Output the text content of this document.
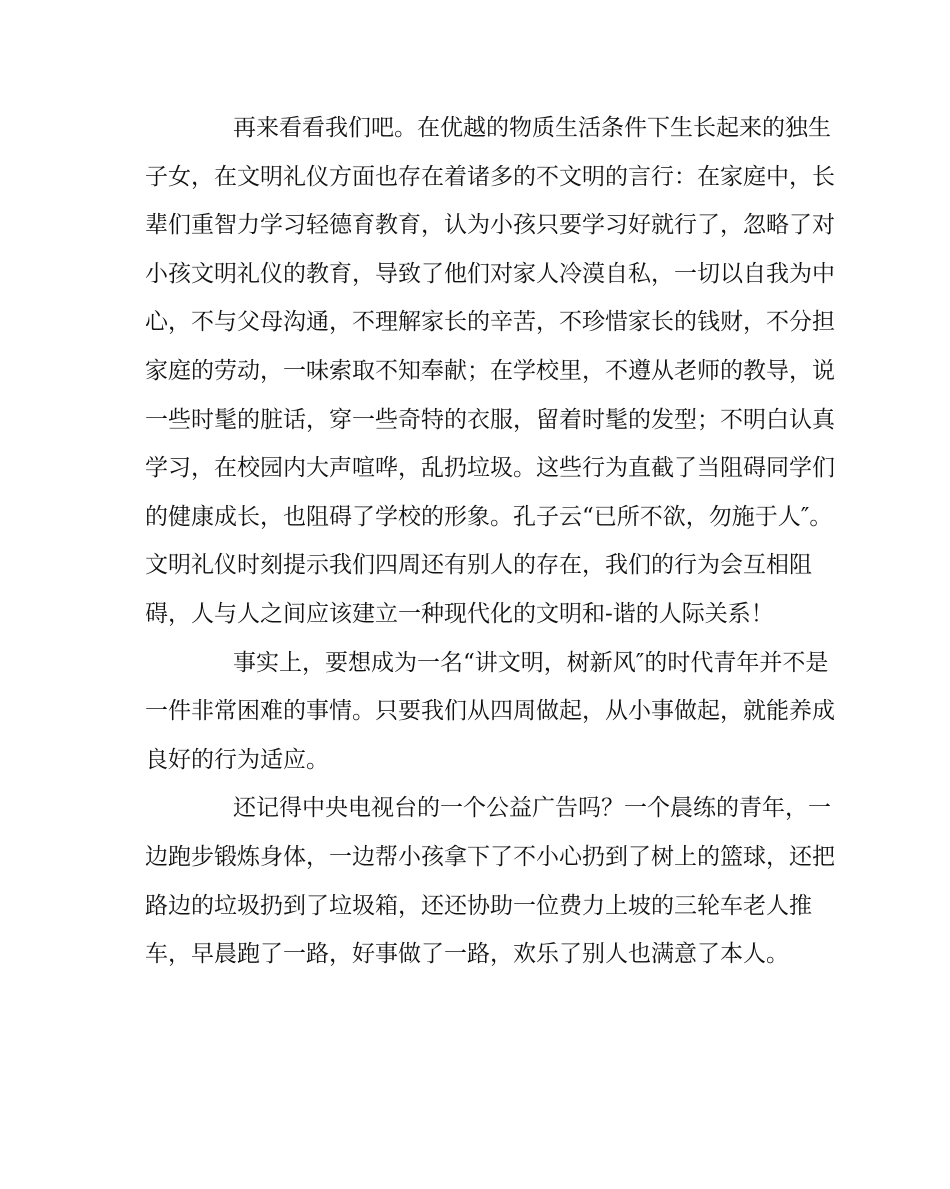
再来看看我们吧。在优越的物质生活条件下生长起来的独生
子女，在文明礼仪方面也存在着诸多的不文明的言行：在家庭中，长
辈们重智力学习轻德育教育，认为小孩只要学习好就行了，忽略了对
小孩文明礼仪的教育，导致了他们对家人冷漠自私，一切以自我为中
心，不与父母沟通，不理解家长的辛苦，不珍惜家长的钱财，不分担
家庭的劳动，一味索取不知奉献；在学校里，不遵从老师的教导，说
一些时髦的脏话，穿一些奇特的衣服，留着时髦的发型；不明白认真
学习，在校园内大声喧哗，乱扔垃圾。这些行为直截了当阻碍同学们
的健康成长，也阻碍了学校的形象。孔子云“已所不欲，勿施于人″。
文明礼仪时刻提示我们四周还有别人的存在，我们的行为会互相阻
碍，人与人之间应该建立一种现代化的文明和-谐的人际关系！
事实上，要想成为一名“讲文明，树新风″的时代青年并不是
一件非常困难的事情。只要我们从四周做起，从小事做起，就能养成
良好的行为适应。
还记得中央电视台的一个公益广告吗？一个晨练的青年，一
边跑步锻炼身体，一边帮小孩拿下了不小心扔到了树上的篮球，还把
路边的垃圾扔到了垃圾箱，还还协助一位费力上坡的三轮车老人推
车，早晨跑了一路，好事做了一路，欢乐了别人也满意了本人。
